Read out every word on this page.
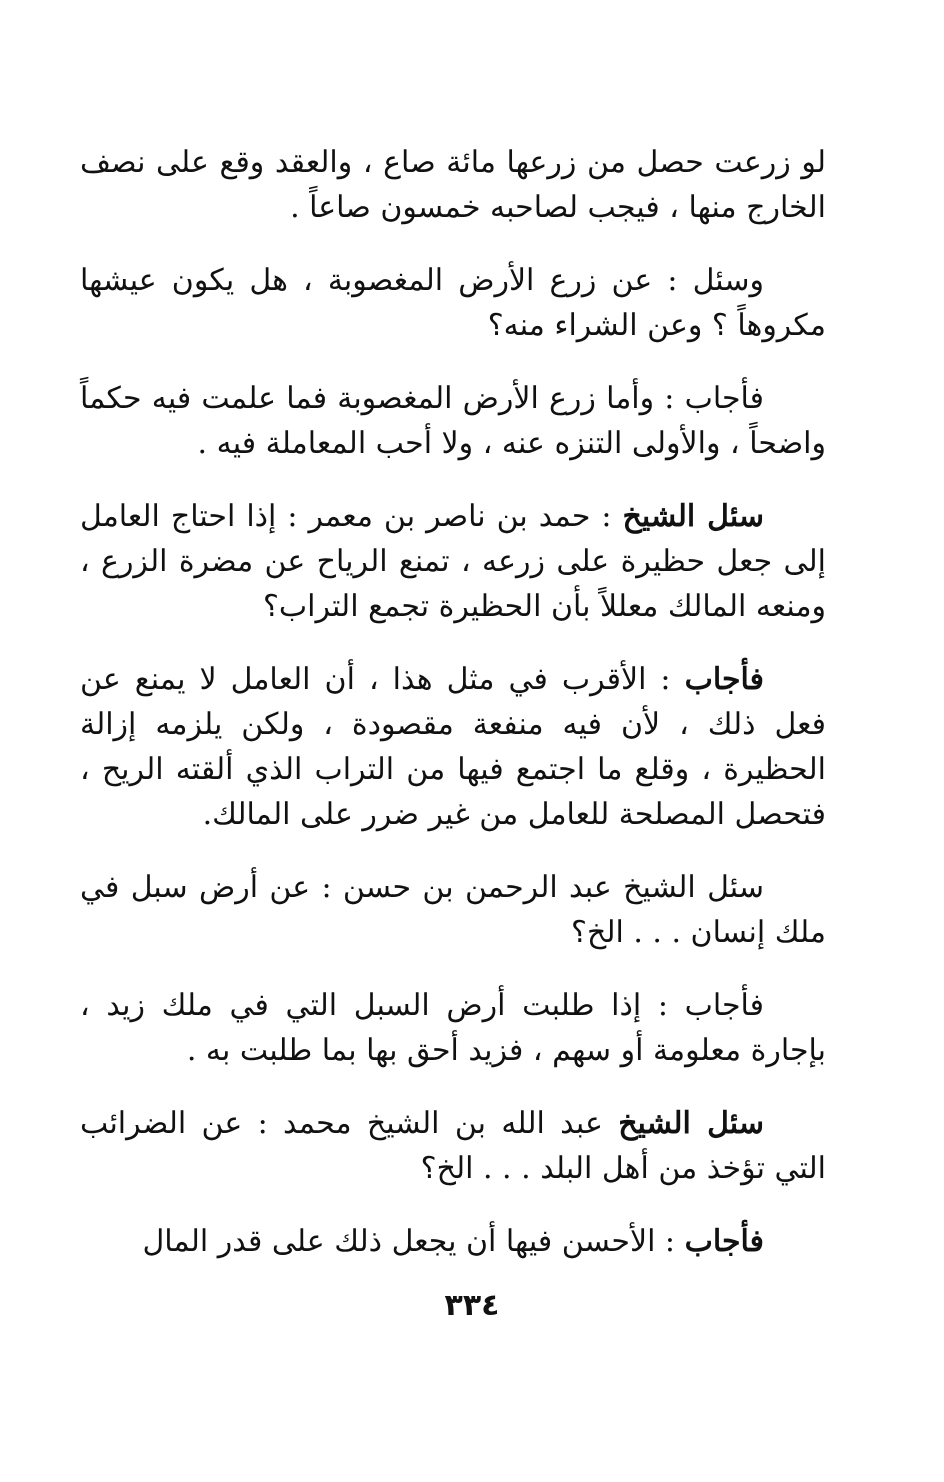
لو زرعت حصل من زرعها مائة صاع ، والعقد وقع على نصف الخارج منها ، فيجب لصاحبه خمسون صاعاً .

وسئل : عن زرع الأرض المغصوبة ، هل يكون عيشها مكروهاً ؟ وعن الشراء منه؟

فأجاب : وأما زرع الأرض المغصوبة فما علمت فيه حكماً واضحاً ، والأولى التنزه عنه ، ولا أحب المعاملة فيه .

سئل الشيخ : حمد بن ناصر بن معمر : إذا احتاج العامل إلى جعل حظيرة على زرعه ، تمنع الرياح عن مضرة الزرع ، ومنعه المالك معللاً بأن الحظيرة تجمع التراب؟

فأجاب : الأقرب في مثل هذا ، أن العامل لا يمنع عن فعل ذلك ، لأن فيه منفعة مقصودة ، ولكن يلزمه إزالة الحظيرة ، وقلع ما اجتمع فيها من التراب الذي ألقته الريح ، فتحصل المصلحة للعامل من غير ضرر على المالك.

سئل الشيخ عبد الرحمن بن حسن : عن أرض سبل في ملك إنسان . . . الخ؟

فأجاب : إذا طلبت أرض السبل التي في ملك زيد ، بإجارة معلومة أو سهم ، فزيد أحق بها بما طلبت به .

سئل الشيخ عبد الله بن الشيخ محمد : عن الضرائب التي تؤخذ من أهل البلد . . . الخ؟

فأجاب : الأحسن فيها أن يجعل ذلك على قدر المال

٣٣٤
